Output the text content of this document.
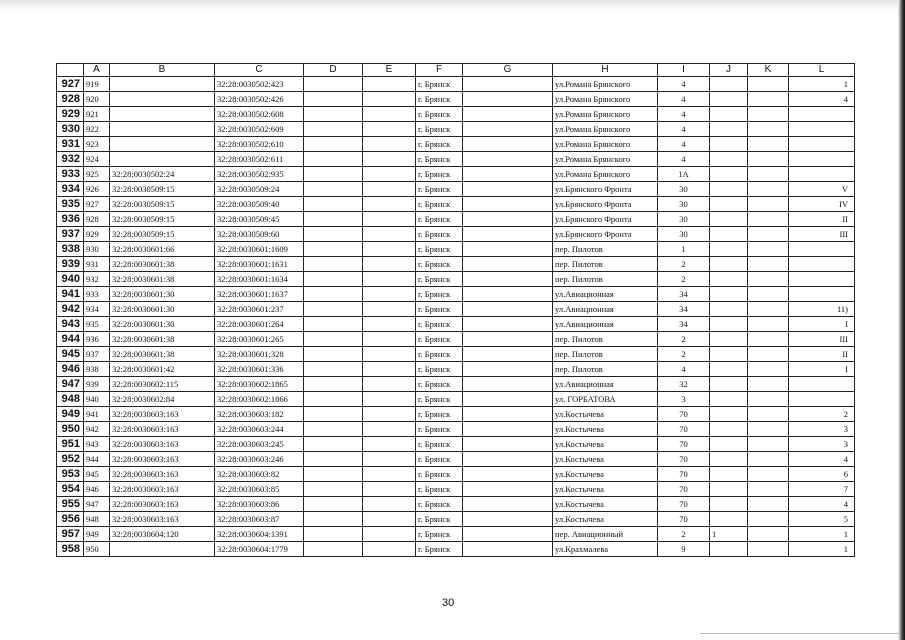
	A	B	C	D	E	F	G	H	I	J	K	L
927	919		32:28:0030502:423			г. Брянск		ул.Романа Брянского	4			1
928	920		32:28:0030502:426			г. Брянск		ул.Романа Брянского	4			4
929	921		32:28:0030502:608			г. Брянск		ул.Романа Брянского	4			
930	922		32:28:0030502:609			г. Брянск		ул.Романа Брянского	4			
931	923		32:28:0030502:610			г. Брянск		ул.Романа Брянского	4			
932	924		32:28:0030502:611			г. Брянск		ул.Романа Брянского	4			
933	925	32:28:0030502:24	32:28:0030502:935			г. Брянск		ул.Романа Брянского	1А			
934	926	32:28:0030509:15	32:28:0030509:24			г. Брянск		ул.Брянского Фронта	30			V
935	927	32:28:0030509:15	32:28:0030509:40			г. Брянск		ул.Брянского Фронта	30			IV
936	928	32:28:0030509:15	32:28:0030509:45			г. Брянск		ул.Брянского Фронта	30			II
937	929	32:28:0030509:15	32:28:0030509:60			г. Брянск		ул.Брянского Фронта	30			III
938	930	32:28:0030601:66	32:28:0030601:1609			г. Брянск		пер. Пилотов	1			
939	931	32:28:0030601:38	32:28:0030601:1631			г. Брянск		пер. Пилотов	2			
940	932	32:28:0030601:38	32:28:0030601:1634			г. Брянск		пер. Пилотов	2			
941	933	32:28:0030601:30	32:28:0030601:1637			г. Брянск		ул.Авиационная	34			
942	934	32:28:0030601:30	32:28:0030601:237			г. Брянск		ул.Авиационная	34			11)
943	935	32:28:0030601:30	32:28:0030601:264			г. Брянск		ул.Авиационная	34			I
944	936	32:28:0030601:38	32:28:0030601:265			г. Брянск		пер. Пилотов	2			III
945	937	32:28:0030601:38	32:28:0030601:328			г. Брянск		пер. Пилотов	2			II
946	938	32:28:0030601:42	32:28:0030601:336			г. Брянск		пер. Пилотов	4			I
947	939	32:28:0030602:115	32:28:0030602:1865			г. Брянск		ул.Авиационная	32			
948	940	32:28:0030602:84	32:28:0030602:1866			г. Брянск		ул. ГОРБАТОВА	3			
949	941	32:28:0030603:163	32:28:0030603:182			г. Брянск		ул.Костычева	70			2
950	942	32:28:0030603:163	32:28:0030603:244			г. Брянск		ул.Костычева	70			3
951	943	32:28:0030603:163	32:28:0030603:245			г. Брянск		ул.Костычева	70			3
952	944	32:28:0030603:163	32:28:0030603:246			г. Брянск		ул.Костычева	70			4
953	945	32:28:0030603:163	32:28:0030603:82			г. Брянск		ул.Костычева	70			6
954	946	32:28:0030603:163	32:28:0030603:85			г. Брянск		ул.Костычева	70			7
955	947	32:28:0030603:163	32:28:0030603:86			г. Брянск		ул.Костычева	70			4
956	948	32:28:0030603:163	32:28:0030603:87			г. Брянск		ул.Костычева	70			5
957	949	32:28:0030604:120	32:28:0030604:1391			г. Брянск		пер. Авиационный	2	1		1
958	950		32:28:0030604:1779			г. Брянск		ул.Крахмалева	9			1
30
